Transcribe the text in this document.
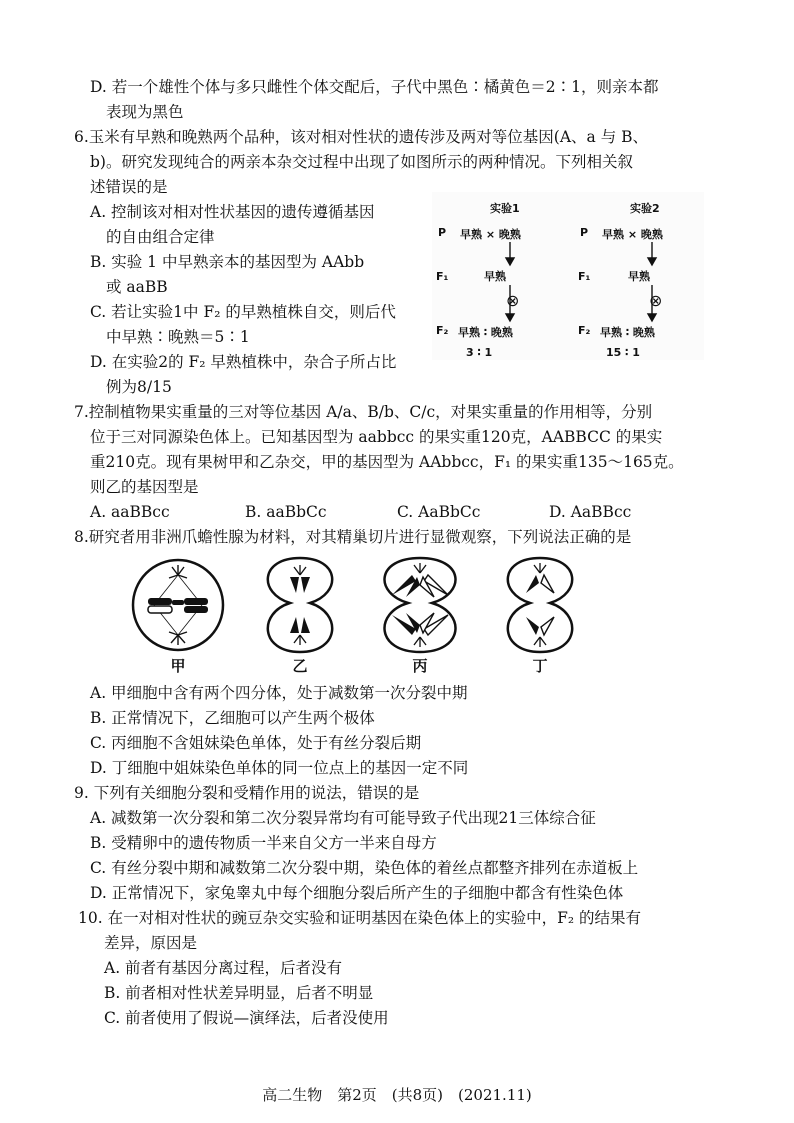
D. 若一个雄性个体与多只雌性个体交配后，子代中黑色∶橘黄色＝2∶1，则亲本都
表现为黑色
6.玉米有早熟和晚熟两个品种，该对相对性状的遗传涉及两对等位基因(A、a 与 B、
b)。研究发现纯合的两亲本杂交过程中出现了如图所示的两种情况。下列相关叙
述错误的是
A. 控制该对相对性状基因的遗传遵循基因
的自由组合定律
B. 实验 1 中早熟亲本的基因型为 AAbb
或 aaBB
C. 若让实验1中 F₂ 的早熟植株自交，则后代
中早熟∶晚熟＝5∶1
D. 在实验2的 F₂ 早熟植株中，杂合子所占比
例为8/15
实验1	实验2
P 早熟 × 晚熟	P 早熟 × 晚熟
F₁	早熟	F₁	早熟
⊗	⊗
F₂ 早熟 ∶ 晚熟	F₂ 早熟 ∶ 晚熟
3 ∶ 1	15 ∶ 1
7.控制植物果实重量的三对等位基因 A/a、B/b、C/c，对果实重量的作用相等，分别
位于三对同源染色体上。已知基因型为 aabbcc 的果实重120克，AABBCC 的果实
重210克。现有果树甲和乙杂交，甲的基因型为 AAbbcc，F₁ 的果实重135～165克。
则乙的基因型是
A. aaBBcc	B. aaBbCc	C. AaBbCc	D. AaBBcc
8.研究者用非洲爪蟾性腺为材料，对其精巢切片进行显微观察，下列说法正确的是
甲	乙	丙	丁
A. 甲细胞中含有两个四分体，处于减数第一次分裂中期
B. 正常情况下，乙细胞可以产生两个极体
C. 丙细胞不含姐妹染色单体，处于有丝分裂后期
D. 丁细胞中姐妹染色单体的同一位点上的基因一定不同
9. 下列有关细胞分裂和受精作用的说法，错误的是
A. 减数第一次分裂和第二次分裂异常均有可能导致子代出现21三体综合征
B. 受精卵中的遗传物质一半来自父方一半来自母方
C. 有丝分裂中期和减数第二次分裂中期，染色体的着丝点都整齐排列在赤道板上
D. 正常情况下，家兔睾丸中每个细胞分裂后所产生的子细胞中都含有性染色体
10. 在一对相对性状的豌豆杂交实验和证明基因在染色体上的实验中，F₂ 的结果有
差异，原因是
A. 前者有基因分离过程，后者没有
B. 前者相对性状差异明显，后者不明显
C. 前者使用了假说—演绎法，后者没使用
高二生物　第2页　(共8页)　(2021.11)
